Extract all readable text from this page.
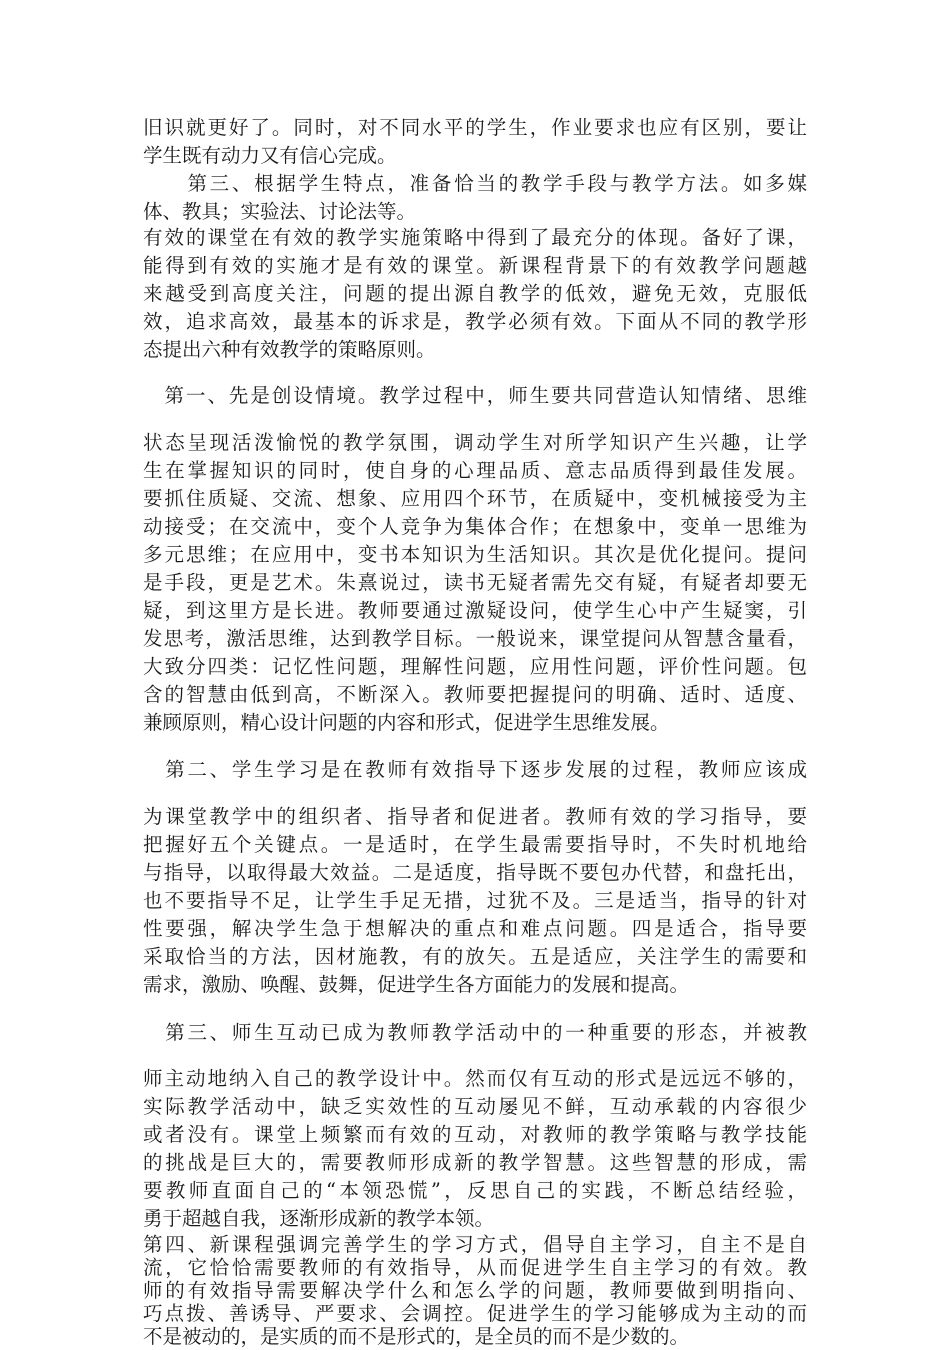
旧识就更好了。同时，对不同水平的学生，作业要求也应有区别，要让
学生既有动力又有信心完成。
　　第三、根据学生特点，准备恰当的教学手段与教学方法。如多媒
体、教具；实验法、讨论法等。
有效的课堂在有效的教学实施策略中得到了最充分的体现。备好了课，
能得到有效的实施才是有效的课堂。新课程背景下的有效教学问题越
来越受到高度关注，问题的提出源自教学的低效，避免无效，克服低
效，追求高效，最基本的诉求是，教学必须有效。下面从不同的教学形
态提出六种有效教学的策略原则。
　第一、先是创设情境。教学过程中，师生要共同营造认知情绪、思维
状态呈现活泼愉悦的教学氛围，调动学生对所学知识产生兴趣，让学
生在掌握知识的同时，使自身的心理品质、意志品质得到最佳发展。
要抓住质疑、交流、想象、应用四个环节，在质疑中，变机械接受为主
动接受；在交流中，变个人竞争为集体合作；在想象中，变单一思维为
多元思维；在应用中，变书本知识为生活知识。其次是优化提问。提问
是手段，更是艺术。朱熹说过，读书无疑者需先交有疑，有疑者却要无
疑，到这里方是长进。教师要通过激疑设问，使学生心中产生疑窦，引
发思考，激活思维，达到教学目标。一般说来，课堂提问从智慧含量看，
大致分四类：记忆性问题，理解性问题，应用性问题，评价性问题。包
含的智慧由低到高，不断深入。教师要把握提问的明确、适时、适度、
兼顾原则，精心设计问题的内容和形式，促进学生思维发展。
　第二、学生学习是在教师有效指导下逐步发展的过程，教师应该成
为课堂教学中的组织者、指导者和促进者。教师有效的学习指导，要
把握好五个关键点。一是适时，在学生最需要指导时，不失时机地给
与指导，以取得最大效益。二是适度，指导既不要包办代替，和盘托出，
也不要指导不足，让学生手足无措，过犹不及。三是适当，指导的针对
性要强，解决学生急于想解决的重点和难点问题。四是适合，指导要
采取恰当的方法，因材施教，有的放矢。五是适应，关注学生的需要和
需求，激励、唤醒、鼓舞，促进学生各方面能力的发展和提高。
　第三、师生互动已成为教师教学活动中的一种重要的形态，并被教
师主动地纳入自己的教学设计中。然而仅有互动的形式是远远不够的，
实际教学活动中，缺乏实效性的互动屡见不鲜，互动承载的内容很少
或者没有。课堂上频繁而有效的互动，对教师的教学策略与教学技能
的挑战是巨大的，需要教师形成新的教学智慧。这些智慧的形成，需
要教师直面自己的“本领恐慌”，反思自己的实践，不断总结经验，
勇于超越自我，逐渐形成新的教学本领。
第四、新课程强调完善学生的学习方式，倡导自主学习，自主不是自
流，它恰恰需要教师的有效指导，从而促进学生自主学习的有效。教
师的有效指导需要解决学什么和怎么学的问题，教师要做到明指向、
巧点拨、善诱导、严要求、会调控。促进学生的学习能够成为主动的而
不是被动的，是实质的而不是形式的，是全员的而不是少数的。
